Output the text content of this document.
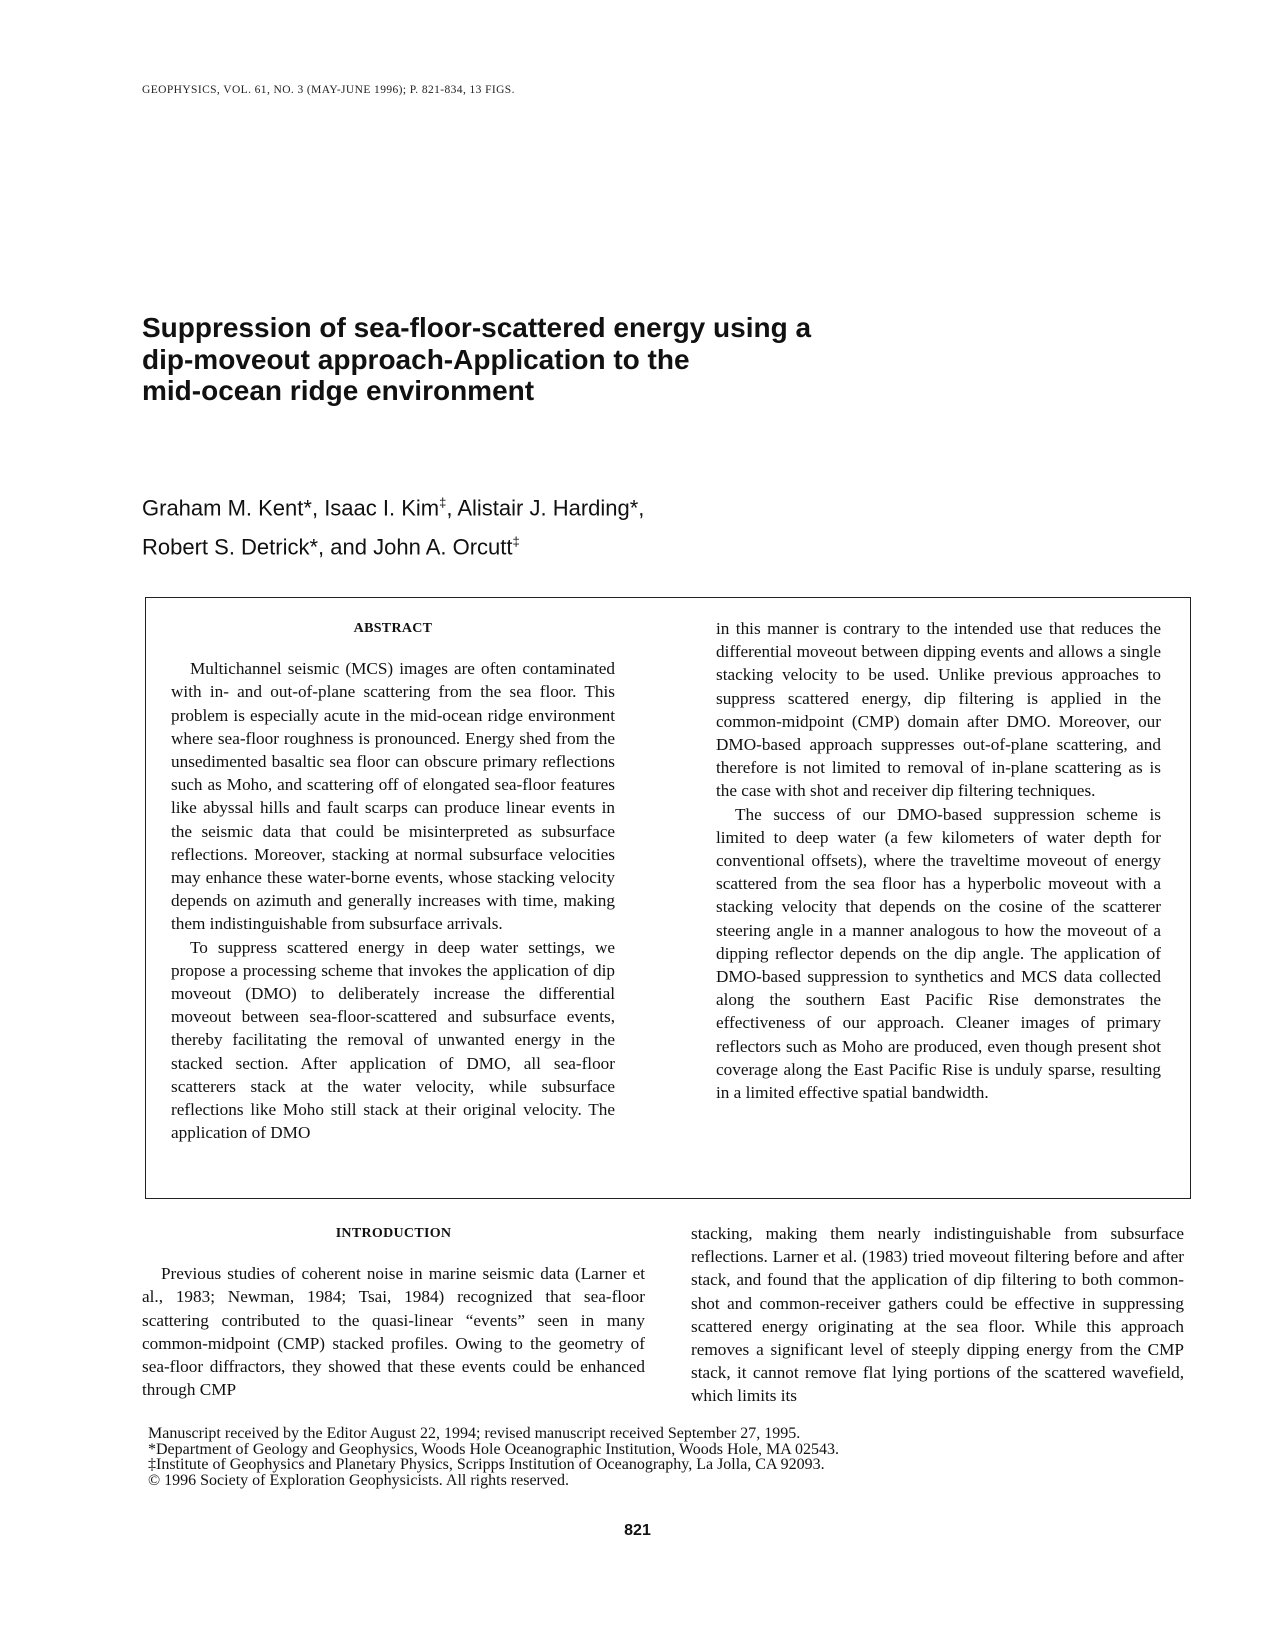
GEOPHYSICS, VOL. 61, NO. 3 (MAY-JUNE 1996); P. 821-834, 13 FIGS.
Suppression of sea-floor-scattered energy using a
dip-moveout approach-Application to the
mid-ocean ridge environment
Graham M. Kent*, Isaac I. Kim‡, Alistair J. Harding*,
Robert S. Detrick*, and John A. Orcutt‡
ABSTRACT

Multichannel seismic (MCS) images are often contaminated with in- and out-of-plane scattering from the sea floor. This problem is especially acute in the mid-ocean ridge environment where sea-floor roughness is pronounced. Energy shed from the unsedimented basaltic sea floor can obscure primary reflections such as Moho, and scattering off of elongated sea-floor features like abyssal hills and fault scarps can produce linear events in the seismic data that could be misinterpreted as subsurface reflections. Moreover, stacking at normal subsurface velocities may enhance these water-borne events, whose stacking velocity depends on azimuth and generally increases with time, making them indistinguishable from subsurface arrivals.

To suppress scattered energy in deep water settings, we propose a processing scheme that invokes the application of dip moveout (DMO) to deliberately increase the differential moveout between sea-floor-scattered and subsurface events, thereby facilitating the removal of unwanted energy in the stacked section. After application of DMO, all sea-floor scatterers stack at the water velocity, while subsurface reflections like Moho still stack at their original velocity. The application of DMO

in this manner is contrary to the intended use that reduces the differential moveout between dipping events and allows a single stacking velocity to be used. Unlike previous approaches to suppress scattered energy, dip filtering is applied in the common-midpoint (CMP) domain after DMO. Moreover, our DMO-based approach suppresses out-of-plane scattering, and therefore is not limited to removal of in-plane scattering as is the case with shot and receiver dip filtering techniques.

The success of our DMO-based suppression scheme is limited to deep water (a few kilometers of water depth for conventional offsets), where the traveltime moveout of energy scattered from the sea floor has a hyperbolic moveout with a stacking velocity that depends on the cosine of the scatterer steering angle in a manner analogous to how the moveout of a dipping reflector depends on the dip angle. The application of DMO-based suppression to synthetics and MCS data collected along the southern East Pacific Rise demonstrates the effectiveness of our approach. Cleaner images of primary reflectors such as Moho are produced, even though present shot coverage along the East Pacific Rise is unduly sparse, resulting in a limited effective spatial bandwidth.

INTRODUCTION

Previous studies of coherent noise in marine seismic data (Larner et al., 1983; Newman, 1984; Tsai, 1984) recognized that sea-floor scattering contributed to the quasi-linear “events” seen in many common-midpoint (CMP) stacked profiles. Owing to the geometry of sea-floor diffractors, they showed that these events could be enhanced through CMP

stacking, making them nearly indistinguishable from subsurface reflections. Larner et al. (1983) tried moveout filtering before and after stack, and found that the application of dip filtering to both common-shot and common-receiver gathers could be effective in suppressing scattered energy originating at the sea floor. While this approach removes a significant level of steeply dipping energy from the CMP stack, it cannot remove flat lying portions of the scattered wavefield, which limits its

Manuscript received by the Editor August 22, 1994; revised manuscript received September 27, 1995.
*Department of Geology and Geophysics, Woods Hole Oceanographic Institution, Woods Hole, MA 02543.
‡Institute of Geophysics and Planetary Physics, Scripps Institution of Oceanography, La Jolla, CA 92093.
© 1996 Society of Exploration Geophysicists. All rights reserved.
821
